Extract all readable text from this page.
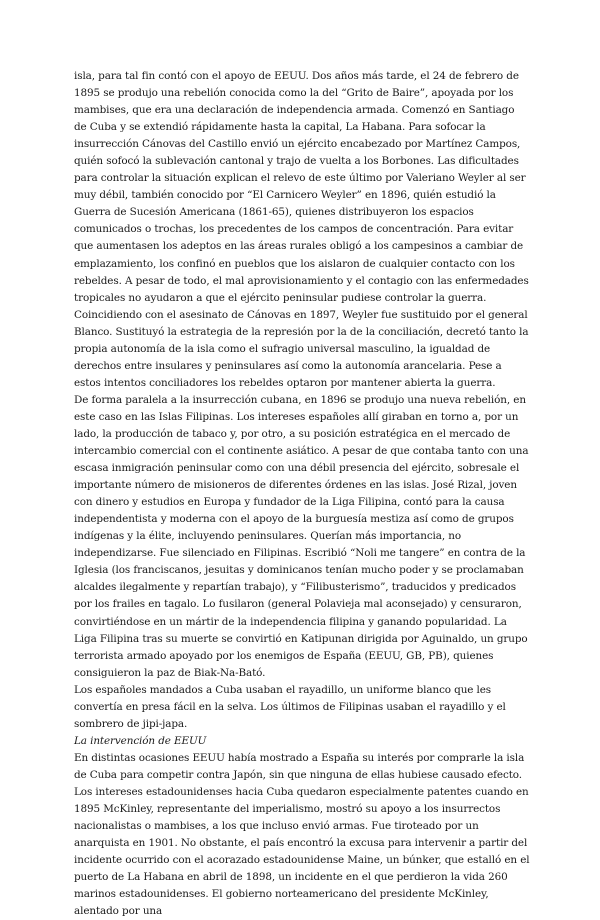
isla, para tal fin contó con el apoyo de EEUU. Dos años más tarde, el 24 de febrero de 1895 se produjo una rebelión conocida como la del “Grito de Baire”, apoyada por los mambises, que era una declaración de independencia armada. Comenzó en Santiago de Cuba y se extendió rápidamente hasta la capital, La Habana. Para sofocar la insurrección Cánovas del Castillo envió un ejército encabezado por Martínez Campos, quién sofocó la sublevación cantonal y trajo de vuelta a los Borbones. Las dificultades para controlar la situación explican el relevo de este último por Valeriano Weyler al ser muy débil, también conocido por “El Carnicero Weyler” en 1896, quién estudió la Guerra de Sucesión Americana (1861-65), quienes distribuyeron los espacios comunicados o trochas, los precedentes de los campos de concentración. Para evitar que aumentasen los adeptos en las áreas rurales obligó a los campesinos a cambiar de emplazamiento, los confinó en pueblos que los aislaron de cualquier contacto con los rebeldes. A pesar de todo, el mal aprovisionamiento y el contagio con las enfermedades tropicales no ayudaron a que el ejército peninsular pudiese controlar la guerra.

Coincidiendo con el asesinato de Cánovas en 1897, Weyler fue sustituido por el general Blanco. Sustituyó la estrategia de la represión por la de la conciliación, decretó tanto la propia autonomía de la isla como el sufragio universal masculino, la igualdad de derechos entre insulares y peninsulares así como la autonomía arancelaria. Pese a estos intentos conciliadores los rebeldes optaron por mantener abierta la guerra.

De forma paralela a la insurrección cubana, en 1896 se produjo una nueva rebelión, en este caso en las Islas Filipinas. Los intereses españoles allí giraban en torno a, por un lado, la producción de tabaco y, por otro, a su posición estratégica en el mercado de intercambio comercial con el continente asiático. A pesar de que contaba tanto con una escasa inmigración peninsular como con una débil presencia del ejército, sobresale el importante número de misioneros de diferentes órdenes en las islas. José Rizal, joven con dinero y estudios en Europa y fundador de la Liga Filipina, contó para la causa independentista y moderna con el apoyo de la burguesía mestiza así como de grupos indígenas y la élite, incluyendo peninsulares. Querían más importancia, no independizarse. Fue silenciado en Filipinas. Escribió “Noli me tangere” en contra de la Iglesia (los franciscanos, jesuitas y dominicanos tenían mucho poder y se proclamaban alcaldes ilegalmente y repartían trabajo), y “Filibusterismo”, traducidos y predicados por los frailes en tagalo. Lo fusilaron (general Polavieja mal aconsejado) y censuraron, convirtiéndose en un mártir de la independencia filipina y ganando popularidad. La Liga Filipina tras su muerte se convirtió en Katipunan dirigida por Aguinaldo, un grupo terrorista armado apoyado por los enemigos de España (EEUU, GB, PB), quienes consiguieron la paz de Biak-Na-Bató.

Los españoles mandados a Cuba usaban el rayadillo, un uniforme blanco que les convertía en presa fácil en la selva. Los últimos de Filipinas usaban el rayadillo y el sombrero de jipi-japa.

La intervención de EEUU

En distintas ocasiones EEUU había mostrado a España su interés por comprarle la isla de Cuba para competir contra Japón, sin que ninguna de ellas hubiese causado efecto. Los intereses estadounidenses hacia Cuba quedaron especialmente patentes cuando en 1895 McKinley, representante del imperialismo, mostró su apoyo a los insurrectos nacionalistas o mambises, a los que incluso envió armas. Fue tiroteado por un anarquista en 1901. No obstante, el país encontró la excusa para intervenir a partir del incidente ocurrido con el acorazado estadounidense Maine, un búnker, que estalló en el puerto de La Habana en abril de 1898, un incidente en el que perdieron la vida 260 marinos estadounidenses. El gobierno norteamericano del presidente McKinley, alentado por una
